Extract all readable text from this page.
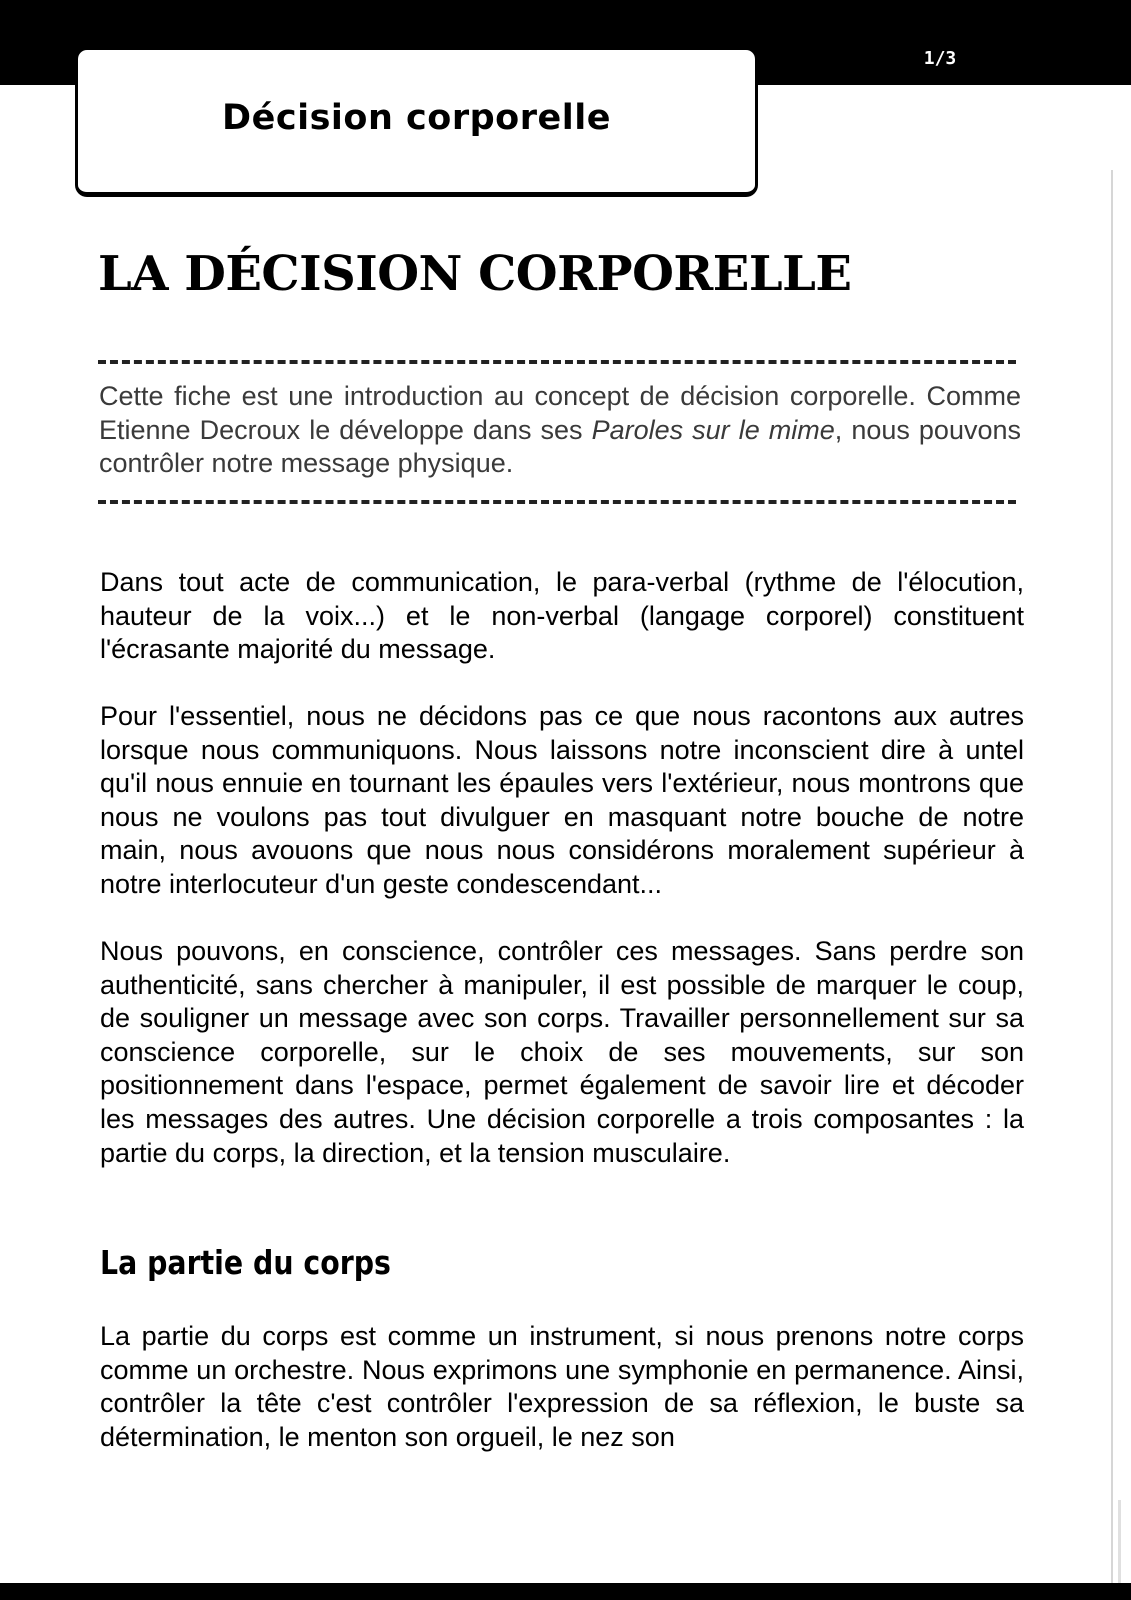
1/3
Décision corporelle
LA DÉCISION CORPORELLE

Cette fiche est une introduction au concept de décision corporelle. Comme Etienne Decroux le développe dans ses Paroles sur le mime, nous pouvons contrôler notre message physique.

Dans tout acte de communication, le para-verbal (rythme de l'élocution, hauteur de la voix...) et le non-verbal (langage corporel) constituent l'écrasante majorité du message.

Pour l'essentiel, nous ne décidons pas ce que nous racontons aux autres lorsque nous communiquons. Nous laissons notre inconscient dire à untel qu'il nous ennuie en tournant les épaules vers l'extérieur, nous montrons que nous ne voulons pas tout divulguer en masquant notre bouche de notre main, nous avouons que nous nous considérons moralement supérieur à notre interlocuteur d'un geste condescendant...

Nous pouvons, en conscience, contrôler ces messages. Sans perdre son authenticité, sans chercher à manipuler, il est possible de marquer le coup, de souligner un message avec son corps. Travailler personnellement sur sa conscience corporelle, sur le choix de ses mouvements, sur son positionnement dans l'espace, permet également de savoir lire et décoder les messages des autres. Une décision corporelle a trois composantes : la partie du corps, la direction, et la tension musculaire.

La partie du corps

La partie du corps est comme un instrument, si nous prenons notre corps comme un orchestre. Nous exprimons une symphonie en permanence. Ainsi, contrôler la tête c'est contrôler l'expression de sa réflexion, le buste sa détermination, le menton son orgueil, le nez son
